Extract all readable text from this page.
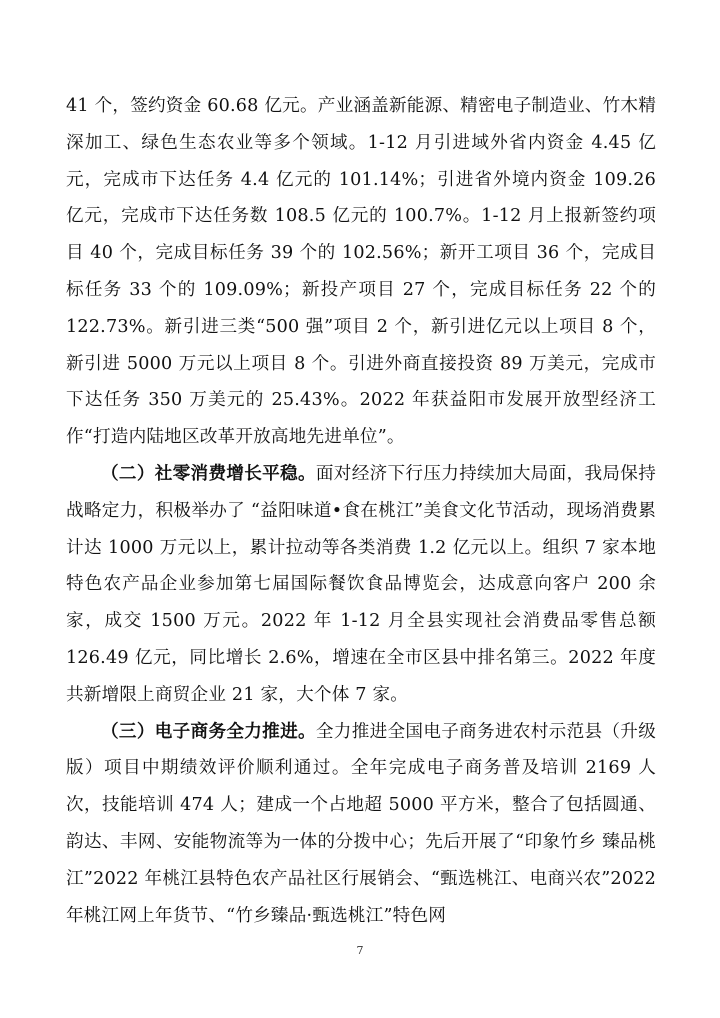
41 个，签约资金 60.68 亿元。产业涵盖新能源、精密电子制造业、竹木精深加工、绿色生态农业等多个领域。1-12 月引进域外省内资金 4.45 亿元，完成市下达任务 4.4 亿元的 101.14%；引进省外境内资金 109.26 亿元，完成市下达任务数 108.5 亿元的 100.7%。1-12 月上报新签约项目 40 个，完成目标任务 39 个的 102.56%；新开工项目 36 个，完成目标任务 33 个的 109.09%；新投产项目 27 个，完成目标任务 22 个的 122.73%。新引进三类“500 强”项目 2 个，新引进亿元以上项目 8 个，新引进 5000 万元以上项目 8 个。引进外商直接投资 89 万美元，完成市下达任务 350 万美元的 25.43%。2022 年获益阳市发展开放型经济工作“打造内陆地区改革开放高地先进单位”。

（二）社零消费增长平稳。面对经济下行压力持续加大局面，我局保持战略定力，积极举办了 “益阳味道•食在桃江”美食文化节活动，现场消费累计达 1000 万元以上，累计拉动等各类消费 1.2 亿元以上。组织 7 家本地特色农产品企业参加第七届国际餐饮食品博览会，达成意向客户 200 余家，成交 1500 万元。2022 年 1-12 月全县实现社会消费品零售总额 126.49 亿元，同比增长 2.6%，增速在全市区县中排名第三。2022 年度共新增限上商贸企业 21 家，大个体 7 家。

（三）电子商务全力推进。全力推进全国电子商务进农村示范县（升级版）项目中期绩效评价顺利通过。全年完成电子商务普及培训 2169 人次，技能培训 474 人；建成一个占地超 5000 平方米，整合了包括圆通、韵达、丰网、安能物流等为一体的分拨中心；先后开展了“印象竹乡 臻品桃江”2022 年桃江县特色农产品社区行展销会、“甄选桃江、电商兴农”2022 年桃江网上年货节、“竹乡臻品·甄选桃江”特色网

7
